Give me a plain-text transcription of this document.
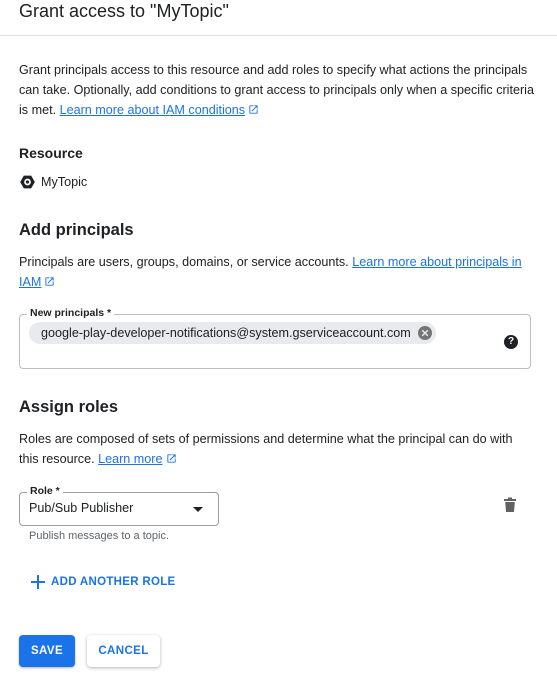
Grant access to "MyTopic"
Grant principals access to this resource and add roles to specify what actions the principals can take. Optionally, add conditions to grant access to principals only when a specific criteria is met. Learn more about IAM conditions
Resource
MyTopic
Add principals
Principals are users, groups, domains, or service accounts. Learn more about principals in IAM
New principals *
google-play-developer-notifications@system.gserviceaccount.com
?
Assign roles
Roles are composed of sets of permissions and determine what the principal can do with this resource. Learn more
Role *
Pub/Sub Publisher
Publish messages to a topic.
ADD ANOTHER ROLE
SAVE	CANCEL
